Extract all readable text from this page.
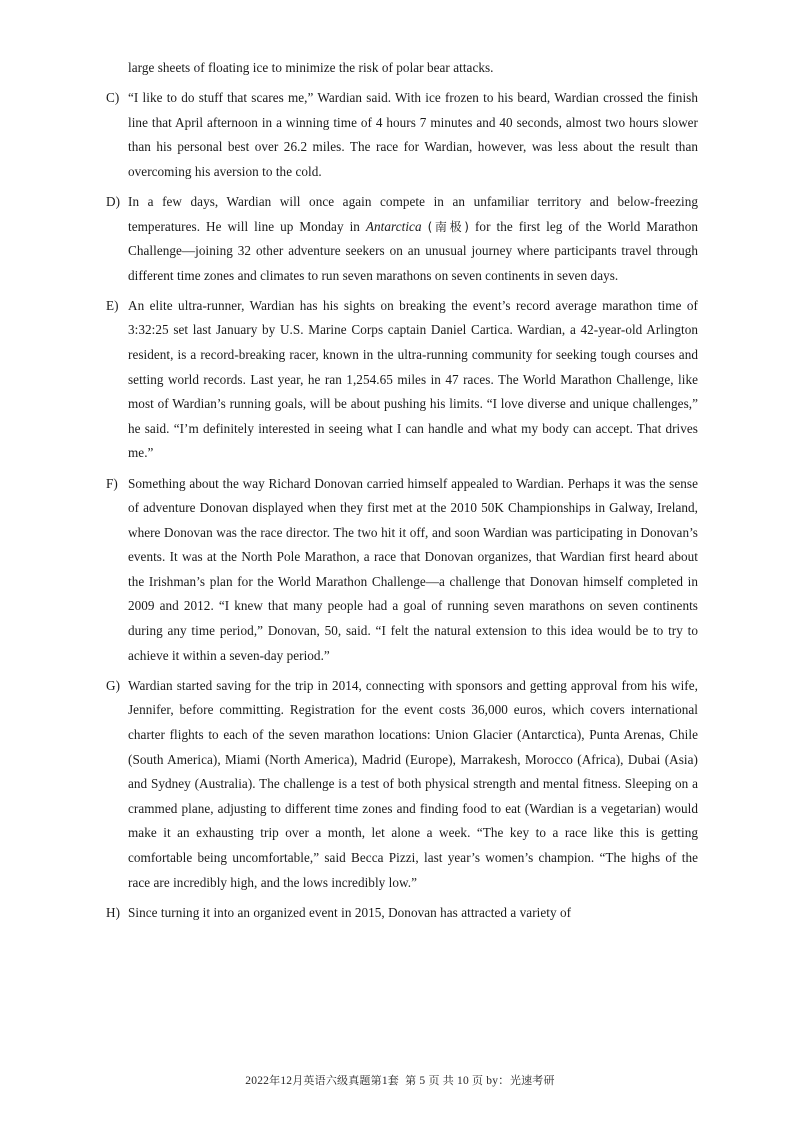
large sheets of floating ice to minimize the risk of polar bear attacks.

C) “I like to do stuff that scares me,” Wardian said. With ice frozen to his beard, Wardian crossed the finish line that April afternoon in a winning time of 4 hours 7 minutes and 40 seconds, almost two hours slower than his personal best over 26.2 miles. The race for Wardian, however, was less about the result than overcoming his aversion to the cold.

D) In a few days, Wardian will once again compete in an unfamiliar territory and below-freezing temperatures. He will line up Monday in Antarctica (南极) for the first leg of the World Marathon Challenge—joining 32 other adventure seekers on an unusual journey where participants travel through different time zones and climates to run seven marathons on seven continents in seven days.

E) An elite ultra-runner, Wardian has his sights on breaking the event’s record average marathon time of 3:32:25 set last January by U.S. Marine Corps captain Daniel Cartica. Wardian, a 42-year-old Arlington resident, is a record-breaking racer, known in the ultra-running community for seeking tough courses and setting world records. Last year, he ran 1,254.65 miles in 47 races. The World Marathon Challenge, like most of Wardian’s running goals, will be about pushing his limits. “I love diverse and unique challenges,” he said. “I’m definitely interested in seeing what I can handle and what my body can accept. That drives me.”

F) Something about the way Richard Donovan carried himself appealed to Wardian. Perhaps it was the sense of adventure Donovan displayed when they first met at the 2010 50K Championships in Galway, Ireland, where Donovan was the race director. The two hit it off, and soon Wardian was participating in Donovan’s events. It was at the North Pole Marathon, a race that Donovan organizes, that Wardian first heard about the Irishman’s plan for the World Marathon Challenge—a challenge that Donovan himself completed in 2009 and 2012. “I knew that many people had a goal of running seven marathons on seven continents during any time period,” Donovan, 50, said. “I felt the natural extension to this idea would be to try to achieve it within a seven-day period.”

G) Wardian started saving for the trip in 2014, connecting with sponsors and getting approval from his wife, Jennifer, before committing. Registration for the event costs 36,000 euros, which covers international charter flights to each of the seven marathon locations: Union Glacier (Antarctica), Punta Arenas, Chile (South America), Miami (North America), Madrid (Europe), Marrakesh, Morocco (Africa), Dubai (Asia) and Sydney (Australia). The challenge is a test of both physical strength and mental fitness. Sleeping on a crammed plane, adjusting to different time zones and finding food to eat (Wardian is a vegetarian) would make it an exhausting trip over a month, let alone a week. “The key to a race like this is getting comfortable being uncomfortable,” said Becca Pizzi, last year’s women’s champion. “The highs of the race are incredibly high, and the lows incredibly low.”

H) Since turning it into an organized event in 2015, Donovan has attracted a variety of

2022年12月英语六级真题第1套 第 5 页 共 10 页 by：光速考研
